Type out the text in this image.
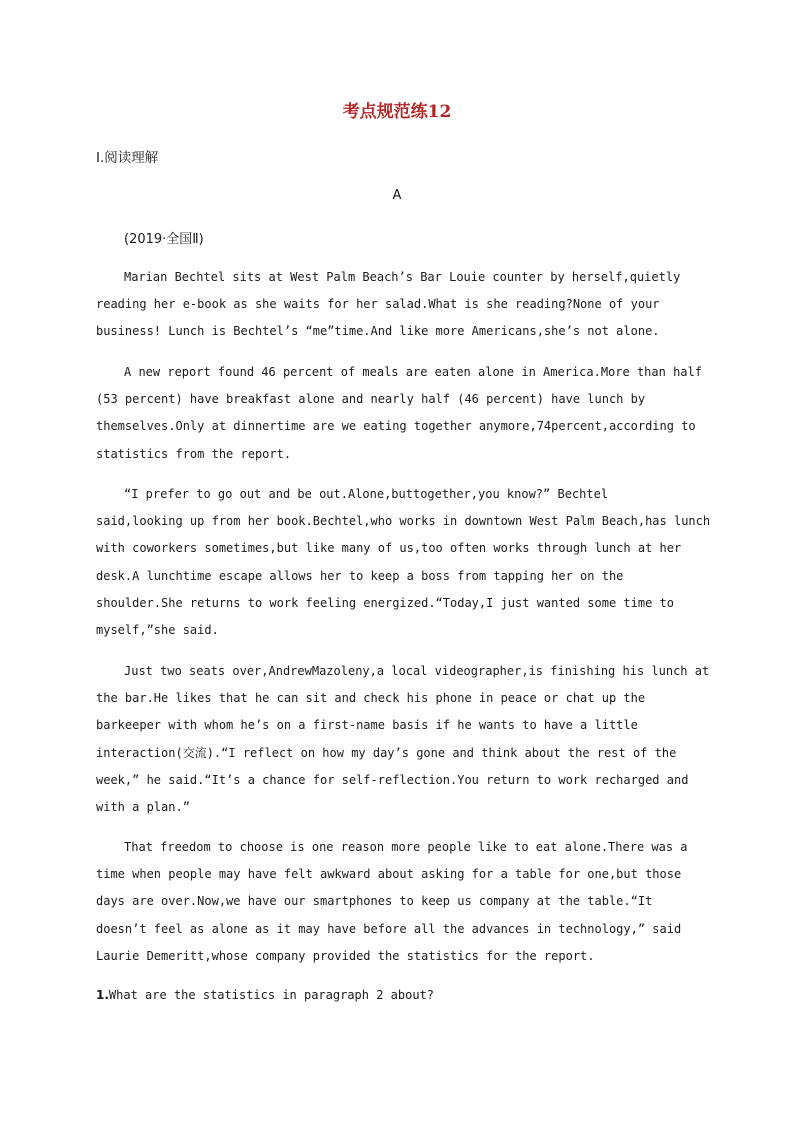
考点规范练12
Ⅰ.阅读理解
A
(2019·全国Ⅱ)
Marian Bechtel sits at West Palm Beach’s Bar Louie counter by herself,quietly
reading her e-book as she waits for her salad.What is she reading?None of your
business! Lunch is Bechtel’s “me”time.And like more Americans,she’s not alone.
A new report found 46 percent of meals are eaten alone in America.More than half
(53 percent) have breakfast alone and nearly half (46 percent) have lunch by
themselves.Only at dinnertime are we eating together anymore,74percent,according to
statistics from the report.
“I prefer to go out and be out.Alone,buttogether,you know?” Bechtel
said,looking up from her book.Bechtel,who works in downtown West Palm Beach,has lunch
with coworkers sometimes,but like many of us,too often works through lunch at her
desk.A lunchtime escape allows her to keep a boss from tapping her on the
shoulder.She returns to work feeling energized.“Today,I just wanted some time to
myself,”she said.
Just two seats over,AndrewMazoleny,a local videographer,is finishing his lunch at
the bar.He likes that he can sit and check his phone in peace or chat up the
barkeeper with whom he’s on a first-name basis if he wants to have a little
interaction(交流).“I reflect on how my day’s gone and think about the rest of the
week,” he said.“It’s a chance for self-reflection.You return to work recharged and
with a plan.”
That freedom to choose is one reason more people like to eat alone.There was a
time when people may have felt awkward about asking for a table for one,but those
days are over.Now,we have our smartphones to keep us company at the table.“It
doesn’t feel as alone as it may have before all the advances in technology,” said
Laurie Demeritt,whose company provided the statistics for the report.
1.What are the statistics in paragraph 2 about?
